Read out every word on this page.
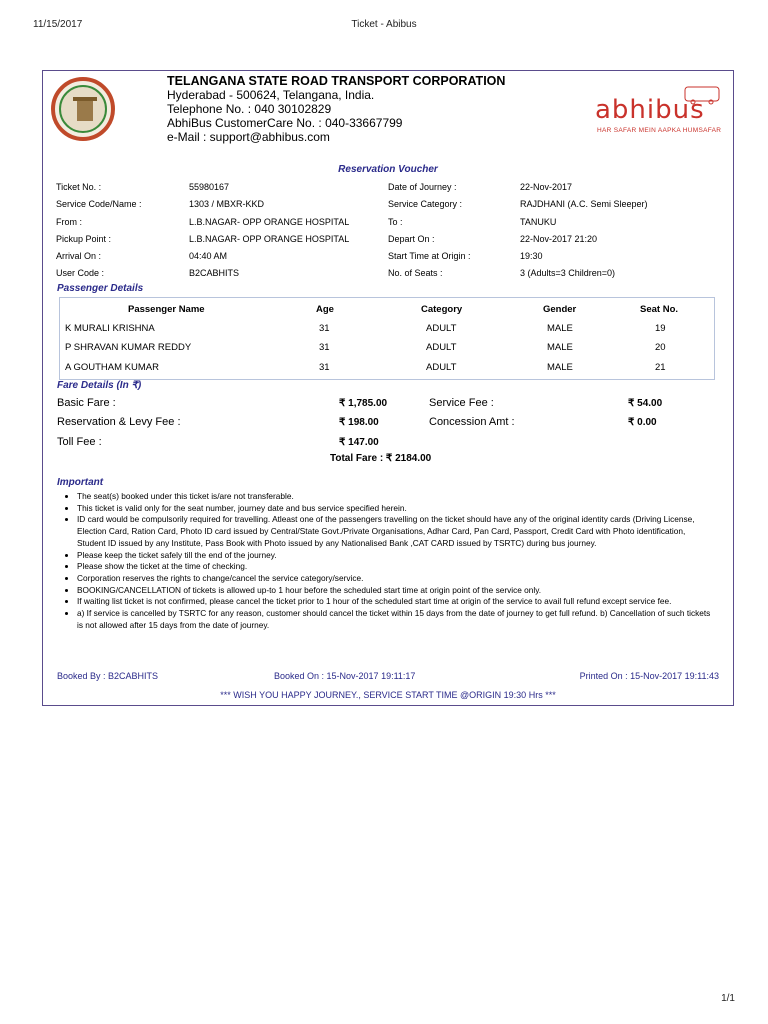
11/15/2017	Ticket - Abibus
1/1
TELANGANA STATE ROAD TRANSPORT CORPORATION
Hyderabad - 500624, Telangana, India.
Telephone No. : 040 30102829
AbhiBus CustomerCare No. : 040-33667799
e-Mail : support@abhibus.com
abhibus
HAR SAFAR MEIN AAPKA HUMSAFAR
Reservation Voucher
Ticket No. :	55980167	Date of Journey :	22-Nov-2017
Service Code/Name :	1303 / MBXR-KKD	Service Category :	RAJDHANI (A.C. Semi Sleeper)
From :	L.B.NAGAR- OPP ORANGE HOSPITAL	To :	TANUKU
Pickup Point :	L.B.NAGAR- OPP ORANGE HOSPITAL	Depart On :	22-Nov-2017 21:20
Arrival On :	04:40 AM	Start Time at Origin :	19:30
User Code :	B2CABHITS	No. of Seats :	3 (Adults=3 Children=0)
Passenger Details
Passenger Name	Age	Category	Gender	Seat No.
K MURALI KRISHNA	31	ADULT	MALE	19
P SHRAVAN KUMAR REDDY	31	ADULT	MALE	20
A GOUTHAM KUMAR	31	ADULT	MALE	21
Fare Details (In ₹)
Basic Fare :	₹ 1,785.00	Service Fee :	₹ 54.00
Reservation & Levy Fee :	₹ 198.00	Concession Amt :	₹ 0.00
Toll Fee :	₹ 147.00
Total Fare : ₹ 2184.00
Important
• The seat(s) booked under this ticket is/are not transferable.
• This ticket is valid only for the seat number, journey date and bus service specified herein.
• ID card would be compulsorily required for travelling. Atleast one of the passengers travelling on the ticket should have any of the original identity cards (Driving License, Election Card, Ration Card, Photo ID card issued by Central/State Govt./Private Organisations, Adhar Card, Pan Card, Passport, Credit Card with Photo identification, Student ID issued by any Institute, Pass Book with Photo issued by any Nationalised Bank ,CAT CARD issued by TSRTC) during bus journey.
• Please keep the ticket safely till the end of the journey.
• Please show the ticket at the time of checking.
• Corporation reserves the rights to change/cancel the service category/service.
• BOOKING/CANCELLATION of tickets is allowed up-to 1 hour before the scheduled start time at origin point of the service only.
• If waiting list ticket is not confirmed, please cancel the ticket prior to 1 hour of the scheduled start time at origin of the service to avail full refund except service fee.
• a) If service is cancelled by TSRTC for any reason, customer should cancel the ticket within 15 days from the date of journey to get full refund. b) Cancellation of such tickets is not allowed after 15 days from the date of journey.
Booked By : B2CABHITS	Booked On : 15-Nov-2017 19:11:17	Printed On : 15-Nov-2017 19:11:43
*** WISH YOU HAPPY JOURNEY., SERVICE START TIME @ORIGIN 19:30 Hrs ***
